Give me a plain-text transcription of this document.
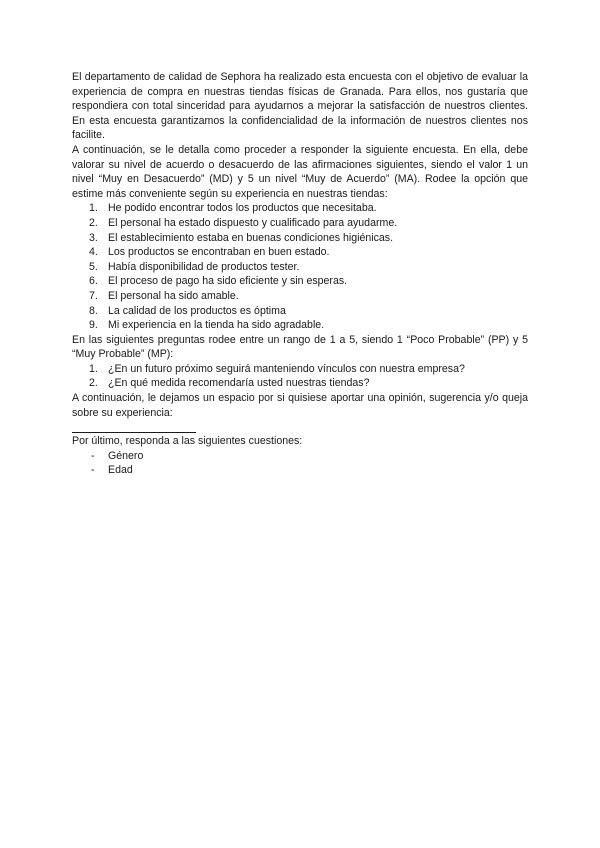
El departamento de calidad de Sephora ha realizado esta encuesta con el objetivo de evaluar la experiencia de compra en nuestras tiendas físicas de Granada. Para ellos, nos gustaría que respondiera con total sinceridad para ayudarnos a mejorar la satisfacción de nuestros clientes. En esta encuesta garantizamos la confidencialidad de la información de nuestros clientes nos facilite.

A continuación, se le detalla como proceder a responder la siguiente encuesta. En ella, debe valorar su nivel de acuerdo o desacuerdo de las afirmaciones siguientes, siendo el valor 1 un nivel “Muy en Desacuerdo” (MD) y 5 un nivel “Muy de Acuerdo” (MA). Rodee la opción que estime más conveniente según su experiencia en nuestras tiendas:

1. He podido encontrar todos los productos que necesitaba.
2. El personal ha estado dispuesto y cualificado para ayudarme.
3. El establecimiento estaba en buenas condiciones higiénicas.
4. Los productos se encontraban en buen estado.
5. Había disponibilidad de productos tester.
6. El proceso de pago ha sido eficiente y sin esperas.
7. El personal ha sido amable.
8. La calidad de los productos es óptima
9. Mi experiencia en la tienda ha sido agradable.

En las siguientes preguntas rodee entre un rango de 1 a 5, siendo 1 “Poco Probable” (PP) y 5 “Muy Probable” (MP):

1. ¿En un futuro próximo seguirá manteniendo vínculos con nuestra empresa?
2. ¿En qué medida recomendaría usted nuestras tiendas?

A continuación, le dejamos un espacio por si quisiese aportar una opinión, sugerencia y/o queja sobre su experiencia:

Por último, responda a las siguientes cuestiones:

- Género
- Edad
